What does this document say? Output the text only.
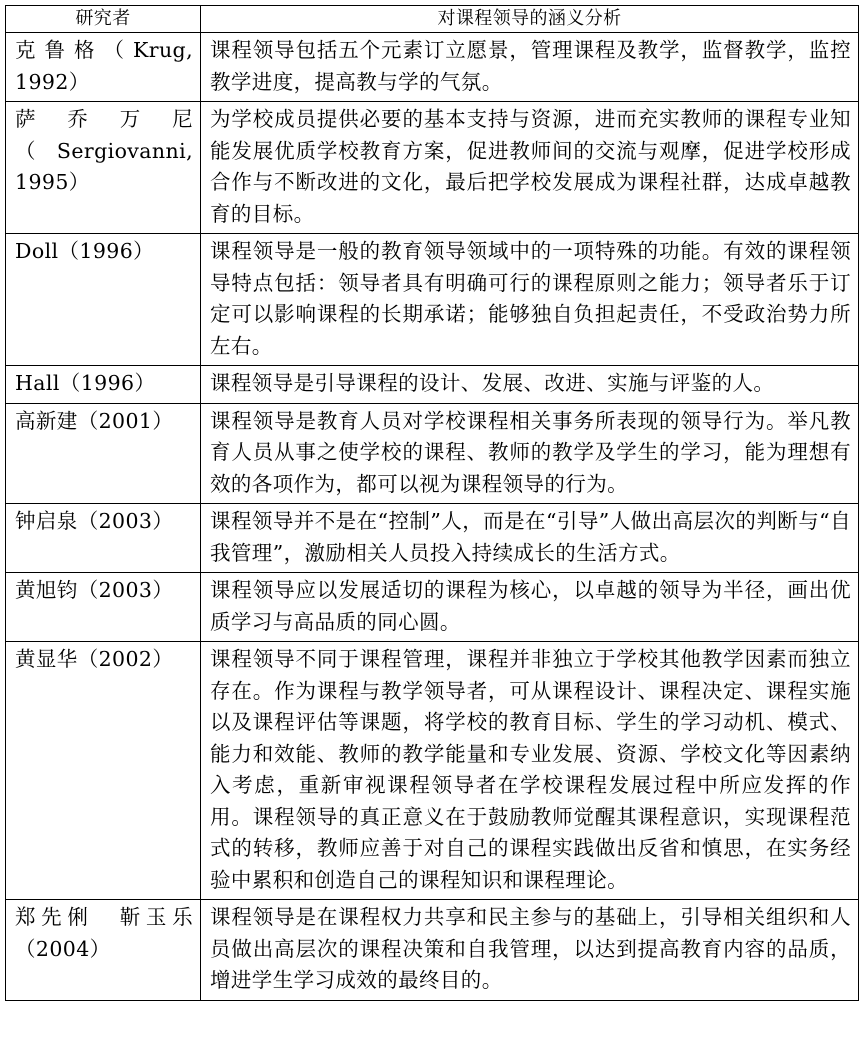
研究者	对课程领导的涵义分析
克鲁格（Krug, 1992）	课程领导包括五个元素订立愿景，管理课程及教学，监督教学，监控教学进度，提高教与学的气氛。
萨乔万尼（Sergiovanni, 1995）	为学校成员提供必要的基本支持与资源，进而充实教师的课程专业知能发展优质学校教育方案，促进教师间的交流与观摩，促进学校形成合作与不断改进的文化，最后把学校发展成为课程社群，达成卓越教育的目标。
Doll（1996）	课程领导是一般的教育领导领域中的一项特殊的功能。有效的课程领导特点包括：领导者具有明确可行的课程原则之能力；领导者乐于订定可以影响课程的长期承诺；能够独自负担起责任，不受政治势力所左右。
Hall（1996）	课程领导是引导课程的设计、发展、改进、实施与评鉴的人。
高新建（2001）	课程领导是教育人员对学校课程相关事务所表现的领导行为。举凡教育人员从事之使学校的课程、教师的教学及学生的学习，能为理想有效的各项作为，都可以视为课程领导的行为。
钟启泉（2003）	课程领导并不是在“控制”人，而是在“引导”人做出高层次的判断与“自我管理”，激励相关人员投入持续成长的生活方式。
黄旭钧（2003）	课程领导应以发展适切的课程为核心，以卓越的领导为半径，画出优质学习与高品质的同心圆。
黄显华（2002）	课程领导不同于课程管理，课程并非独立于学校其他教学因素而独立存在。作为课程与教学领导者，可从课程设计、课程决定、课程实施以及课程评估等课题，将学校的教育目标、学生的学习动机、模式、能力和效能、教师的教学能量和专业发展、资源、学校文化等因素纳入考虑，重新审视课程领导者在学校课程发展过程中所应发挥的作用。课程领导的真正意义在于鼓励教师觉醒其课程意识，实现课程范式的转移，教师应善于对自己的课程实践做出反省和慎思，在实务经验中累积和创造自己的课程知识和课程理论。
郑先俐　靳玉乐（2004）	课程领导是在课程权力共享和民主参与的基础上，引导相关组织和人员做出高层次的课程决策和自我管理，以达到提高教育内容的品质，增进学生学习成效的最终目的。
